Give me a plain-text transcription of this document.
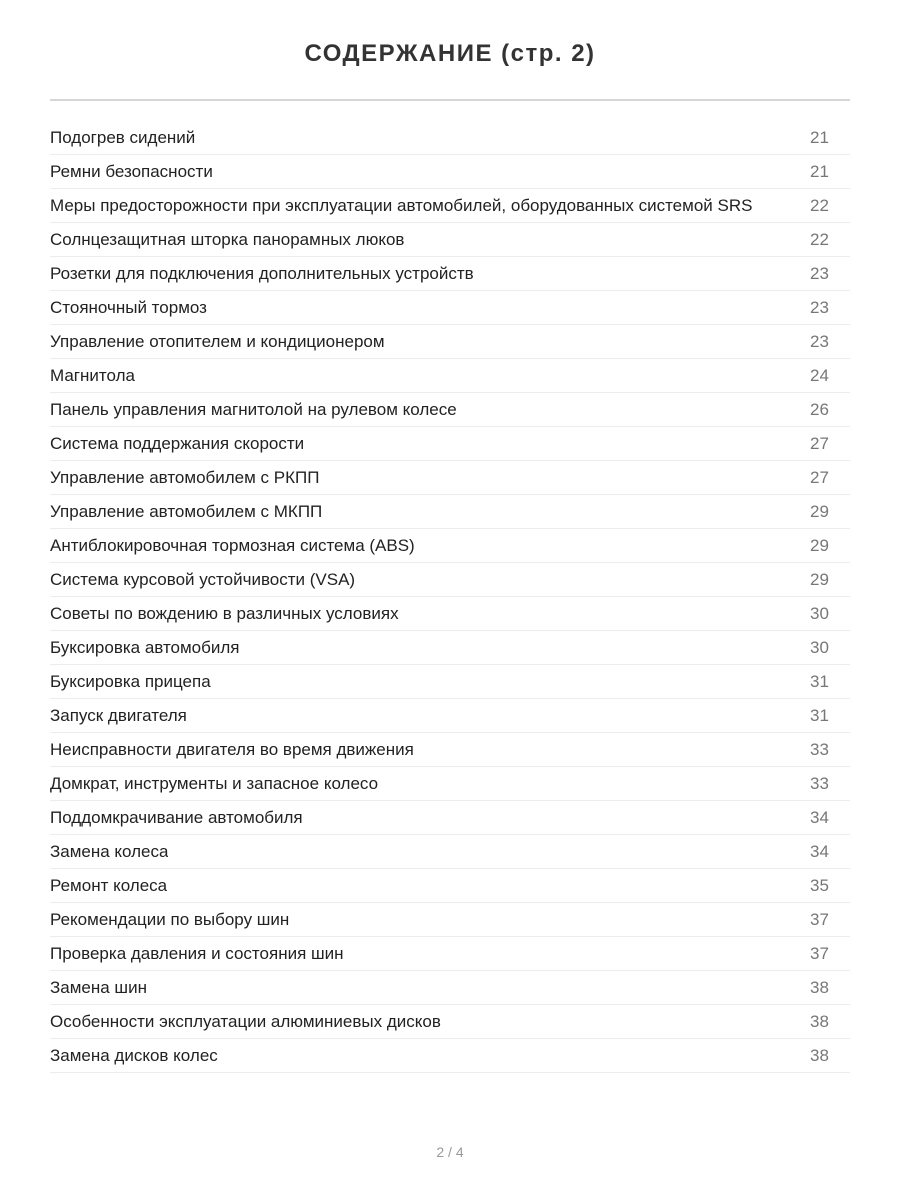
СОДЕРЖАНИЕ (стр. 2)
Подогрев сидений	21
Ремни безопасности	21
Меры предосторожности при эксплуатации автомобилей, оборудованных системой SRS	22
Солнцезащитная шторка панорамных люков	22
Розетки для подключения дополнительных устройств	23
Стояночный тормоз	23
Управление отопителем и кондиционером	23
Магнитола	24
Панель управления магнитолой на рулевом колесе	26
Система поддержания скорости	27
Управление автомобилем с РКПП	27
Управление автомобилем с МКПП	29
Антиблокировочная тормозная система (ABS)	29
Система курсовой устойчивости (VSA)	29
Советы по вождению в различных условиях	30
Буксировка автомобиля	30
Буксировка прицепа	31
Запуск двигателя	31
Неисправности двигателя во время движения	33
Домкрат, инструменты и запасное колесо	33
Поддомкрачивание автомобиля	34
Замена колеса	34
Ремонт колеса	35
Рекомендации по выбору шин	37
Проверка давления и состояния шин	37
Замена шин	38
Особенности эксплуатации алюминиевых дисков	38
Замена дисков колес	38
2 / 4
